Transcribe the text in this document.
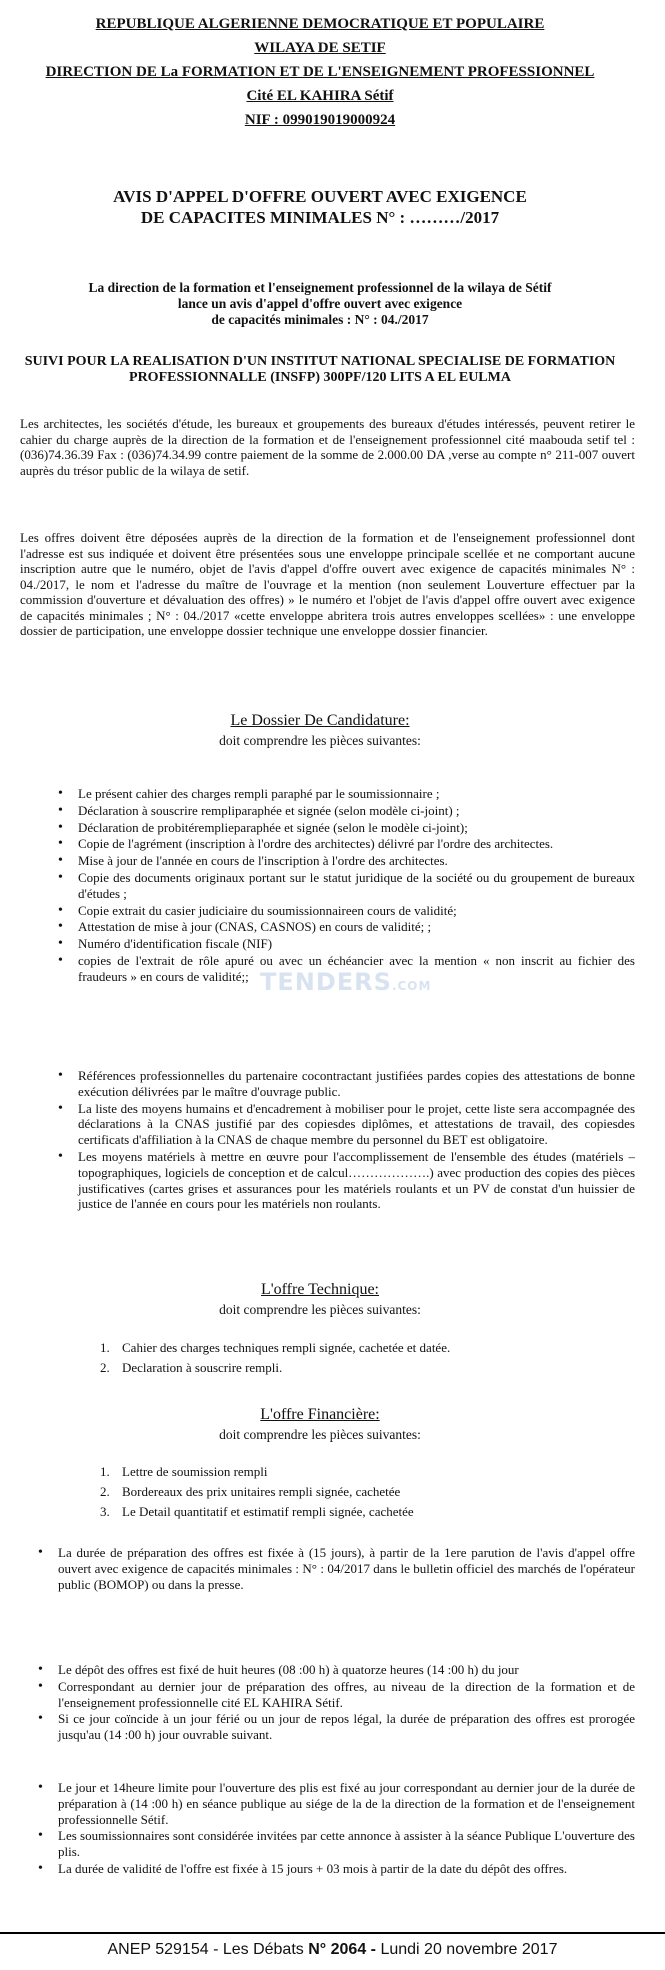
REPUBLIQUE ALGERIENNE DEMOCRATIQUE ET POPULAIRE
WILAYA DE SETIF
DIRECTION DE La FORMATION ET DE L'ENSEIGNEMENT PROFESSIONNEL
Cité EL KAHIRA Sétif
NIF : 099019019000924
AVIS D'APPEL D'OFFRE OUVERT AVEC EXIGENCE
DE CAPACITES MINIMALES N° : ………/2017
La direction de la formation et l'enseignement professionnel de la wilaya de Sétif
lance un avis d'appel d'offre ouvert avec exigence
de capacités minimales : N° : 04./2017
SUIVI POUR LA REALISATION D'UN INSTITUT NATIONAL SPECIALISE DE FORMATION
PROFESSIONNALLE (INSFP) 300PF/120 LITS A EL EULMA
Les architectes, les sociétés d'étude, les bureaux et groupements des bureaux d'études intéressés, peuvent retirer le cahier du charge auprès de la direction de la formation et de l'enseignement professionnel cité maabouda setif tel : (036)74.36.39 Fax : (036)74.34.99 contre paiement de la somme de 2.000.00 DA ,verse au compte n° 211-007 ouvert auprès du trésor public de la wilaya de setif.
Les offres doivent être déposées auprès de la direction de la formation et de l'enseignement professionnel dont l'adresse est sus indiquée et doivent être présentées sous une enveloppe principale scellée et ne comportant aucune inscription autre que le numéro, objet de l'avis d'appel d'offre ouvert avec exigence de capacités minimales N° : 04./2017, le nom et l'adresse du maître de l'ouvrage et la mention (non seulement Louverture effectuer par la commission d'ouverture et dévaluation des offres) » le numéro et l'objet de l'avis d'appel offre ouvert avec exigence de capacités minimales ; N° : 04./2017 «cette enveloppe abritera trois autres enveloppes scellées» : une enveloppe dossier de participation, une enveloppe dossier technique une enveloppe dossier financier.
Le Dossier De Candidature:
doit comprendre les pièces suivantes:
• Le présent cahier des charges rempli paraphé par le soumissionnaire ;
• Déclaration à souscrire rempliparaphée et signée (selon modèle ci-joint) ;
• Déclaration de probitéremplieparaphée et signée (selon le modèle ci-joint);
• Copie de l'agrément (inscription à l'ordre des architectes) délivré par l'ordre des architectes.
• Mise à jour de l'année en cours de l'inscription à l'ordre des architectes.
• Copie des documents originaux portant sur le statut juridique de la société ou du groupement de bureaux d'études ;
• Copie extrait du casier judiciaire du soumissionnaireen cours de validité;
• Attestation de mise à jour (CNAS, CASNOS) en cours de validité; ;
• Numéro d'identification fiscale (NIF)
• copies de l'extrait de rôle apuré ou avec un échéancier avec la mention « non inscrit au fichier des fraudeurs » en cours de validité;; TENDERS.COM
• Références professionnelles du partenaire cocontractant justifiées pardes copies des attestations de bonne exécution délivrées par le maître d'ouvrage public.
• La liste des moyens humains et d'encadrement à mobiliser pour le projet, cette liste sera accompagnée des déclarations à la CNAS justifié par des copiesdes diplômes, et attestations de travail, des copiesdes certificats d'affiliation à la CNAS de chaque membre du personnel du BET est obligatoire.
• Les moyens matériels à mettre en œuvre pour l'accomplissement de l'ensemble des études (matériels –topographiques, logiciels de conception et de calcul……………….) avec production des copies des pièces justificatives (cartes grises et assurances pour les matériels roulants et un PV de constat d'un huissier de justice de l'année en cours pour les matériels non roulants.
L'offre Technique:
doit comprendre les pièces suivantes:
1. Cahier des charges techniques rempli signée, cachetée et datée.
2. Declaration à souscrire rempli.
L'offre Financière:
doit comprendre les pièces suivantes:
1. Lettre de soumission rempli
2. Bordereaux des prix unitaires rempli signée, cachetée
3. Le Detail quantitatif et estimatif rempli signée, cachetée
• La durée de préparation des offres est fixée à (15 jours), à partir de la 1ere parution de l'avis d'appel offre ouvert avec exigence de capacités minimales : N° : 04/2017 dans le bulletin officiel des marchés de l'opérateur public (BOMOP) ou dans la presse.
• Le dépôt des offres est fixé de huit heures (08 :00 h) à quatorze heures (14 :00 h) du jour
• Correspondant au dernier jour de préparation des offres, au niveau de la direction de la formation et de l'enseignement professionnelle cité EL KAHIRA Sétif.
• Si ce jour coïncide à un jour férié ou un jour de repos légal, la durée de préparation des offres est prorogée jusqu'au (14 :00 h) jour ouvrable suivant.
• Le jour et 14heure limite pour l'ouverture des plis est fixé au jour correspondant au dernier jour de la durée de préparation à (14 :00 h) en séance publique au siége de la de la direction de la formation et de l'enseignement professionnelle Sétif.
• Les soumissionnaires sont considérée invitées par cette annonce à assister à la séance Publique L'ouverture des plis.
• La durée de validité de l'offre est fixée à 15 jours + 03 mois à partir de la date du dépôt des offres.
ANEP 529154 - Les Débats N° 2064 - Lundi 20 novembre 2017
